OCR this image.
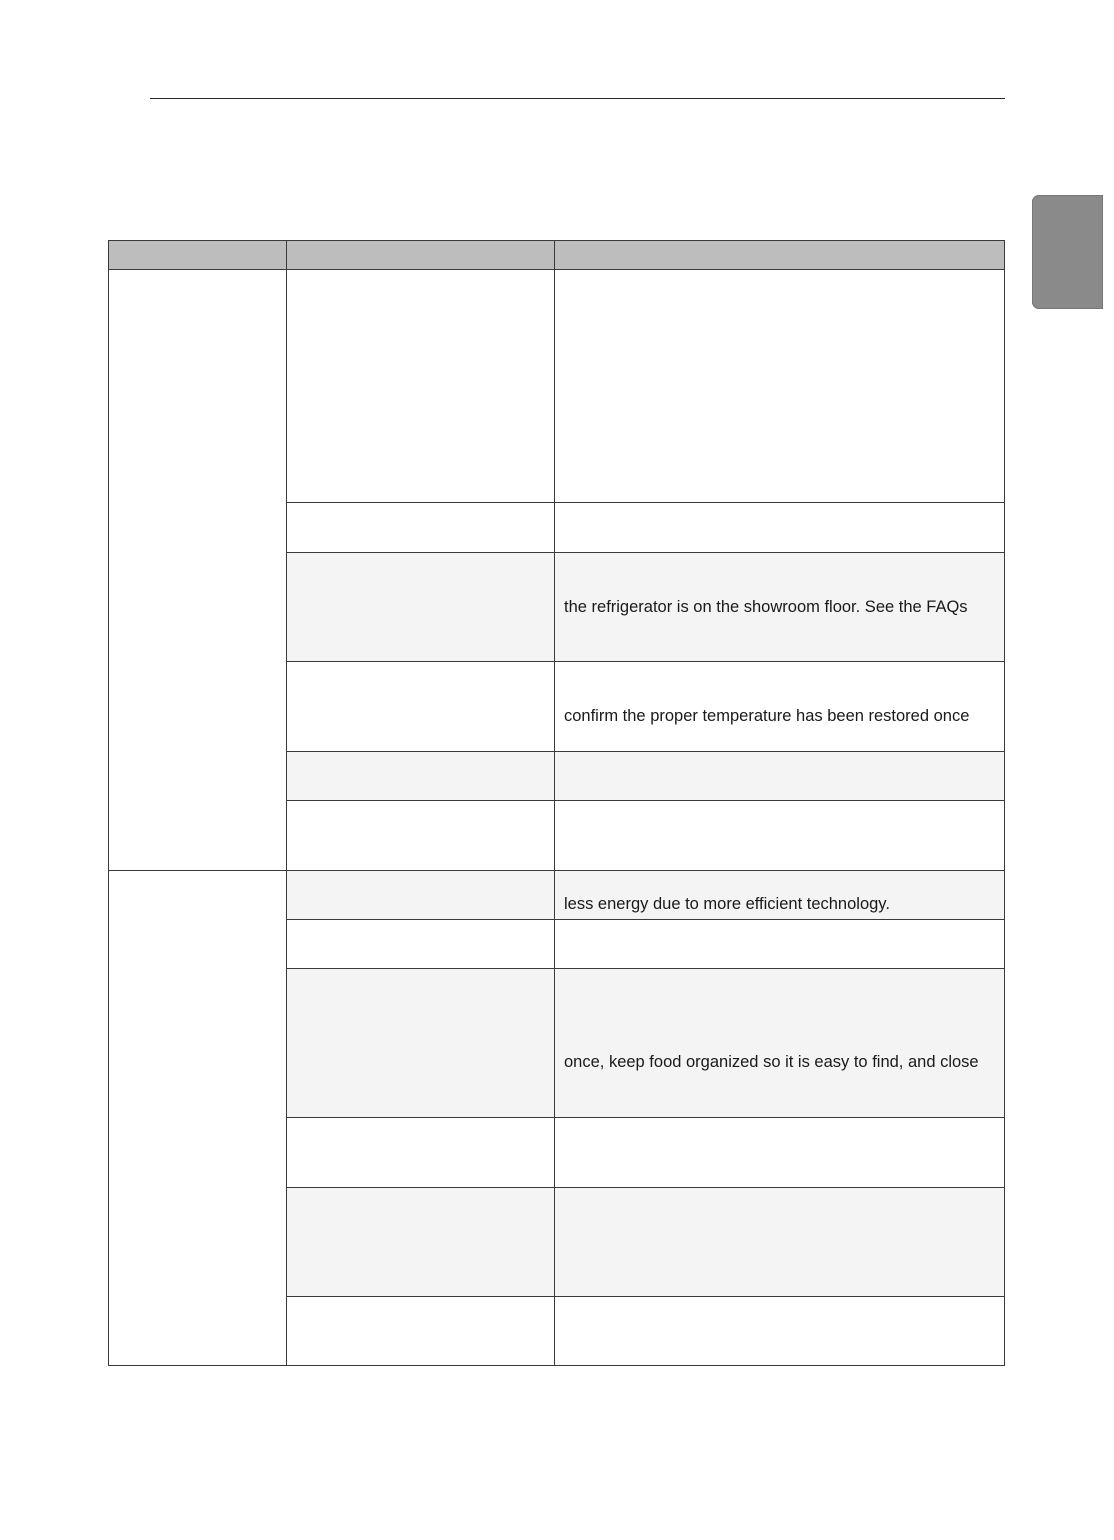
		the refrigerator is on the showroom floor. See the FAQs

		confirm the proper temperature has been restored once

		less energy due to more efficient technology.

		once, keep food organized so it is easy to find, and close
